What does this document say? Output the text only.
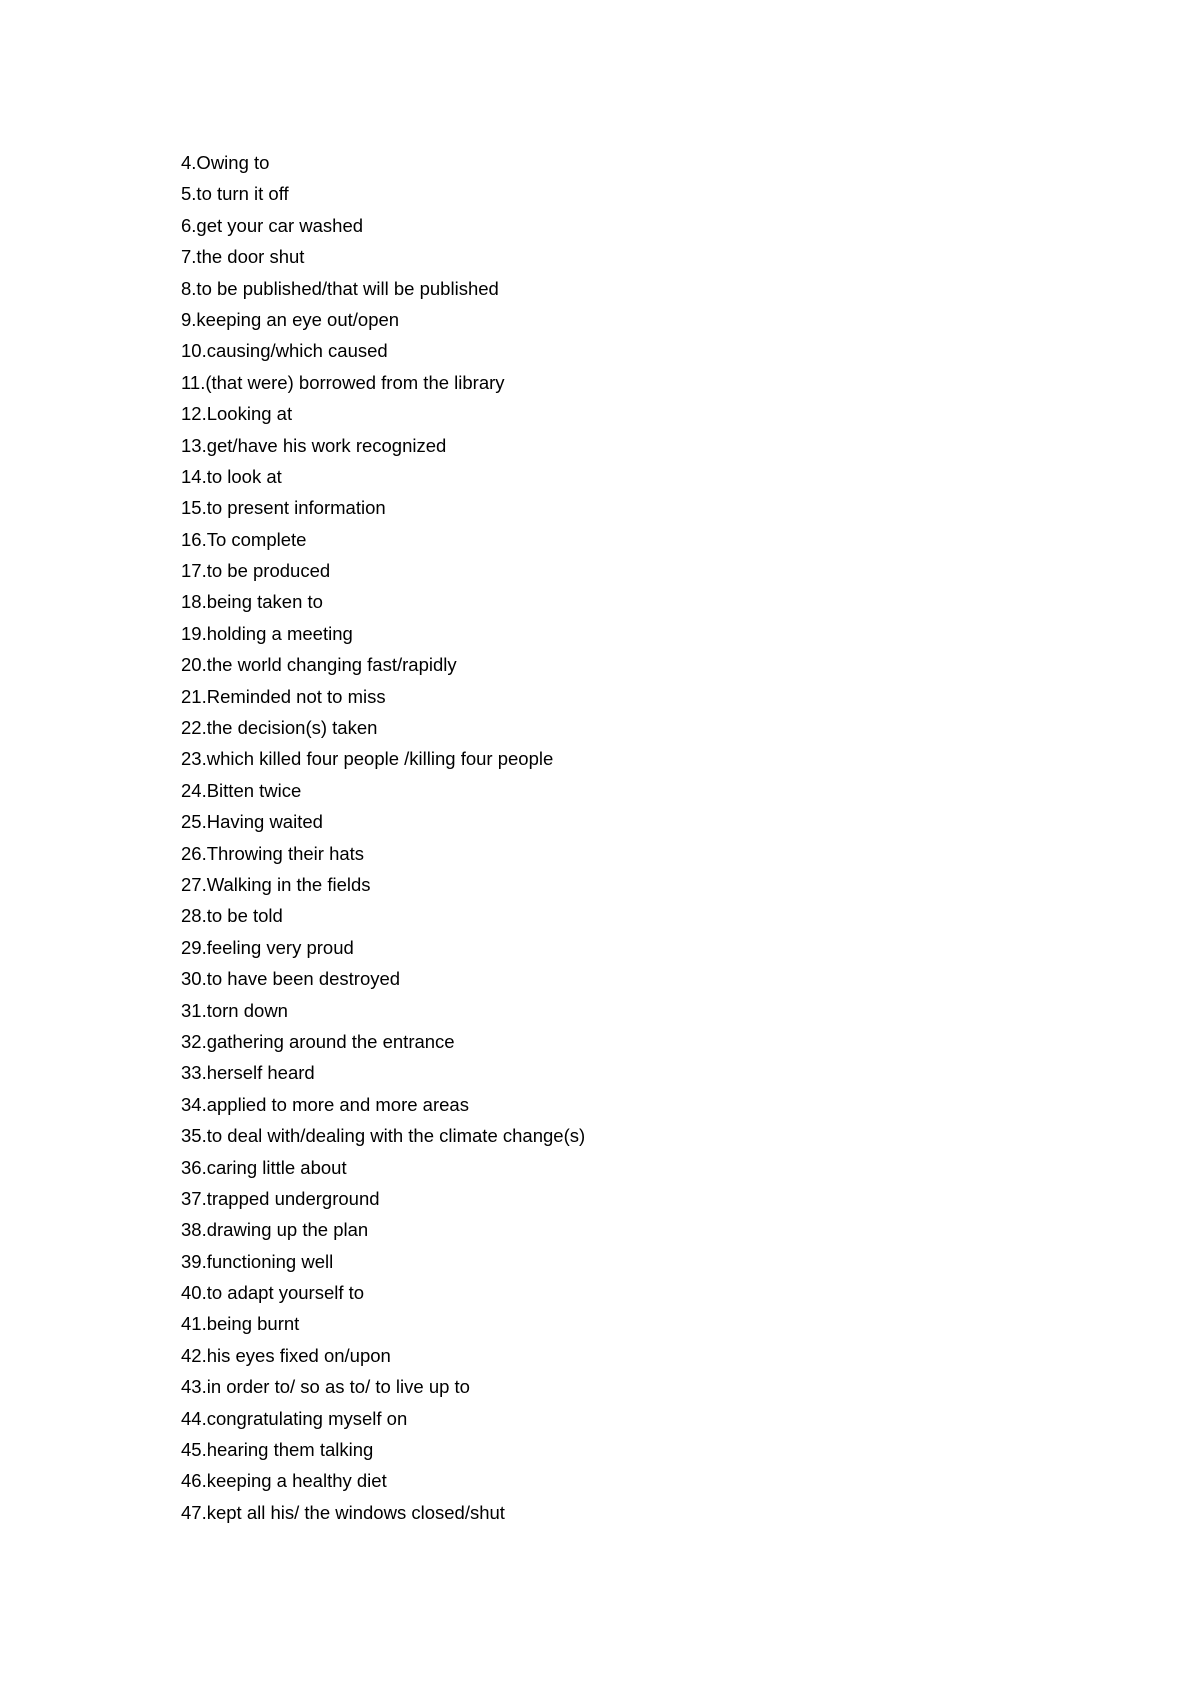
4.Owing to
5.to turn it off
6.get your car washed
7.the door shut
8.to be published/that will be published
9.keeping an eye out/open
10.causing/which caused
11.(that were) borrowed from the library
12.Looking at
13.get/have his work recognized
14.to look at
15.to present information
16.To complete
17.to be produced
18.being taken to
19.holding a meeting
20.the world changing fast/rapidly
21.Reminded not to miss
22.the decision(s) taken
23.which killed four people /killing four people
24.Bitten twice
25.Having waited
26.Throwing their hats
27.Walking in the fields
28.to be told
29.feeling very proud
30.to have been destroyed
31.torn down
32.gathering around the entrance
33.herself heard
34.applied to more and more areas
35.to deal with/dealing with the climate change(s)
36.caring little about
37.trapped underground
38.drawing up the plan
39.functioning well
40.to adapt yourself to
41.being burnt
42.his eyes fixed on/upon
43.in order to/ so as to/ to live up to
44.congratulating myself on
45.hearing them talking
46.keeping a healthy diet
47.kept all his/ the windows closed/shut
